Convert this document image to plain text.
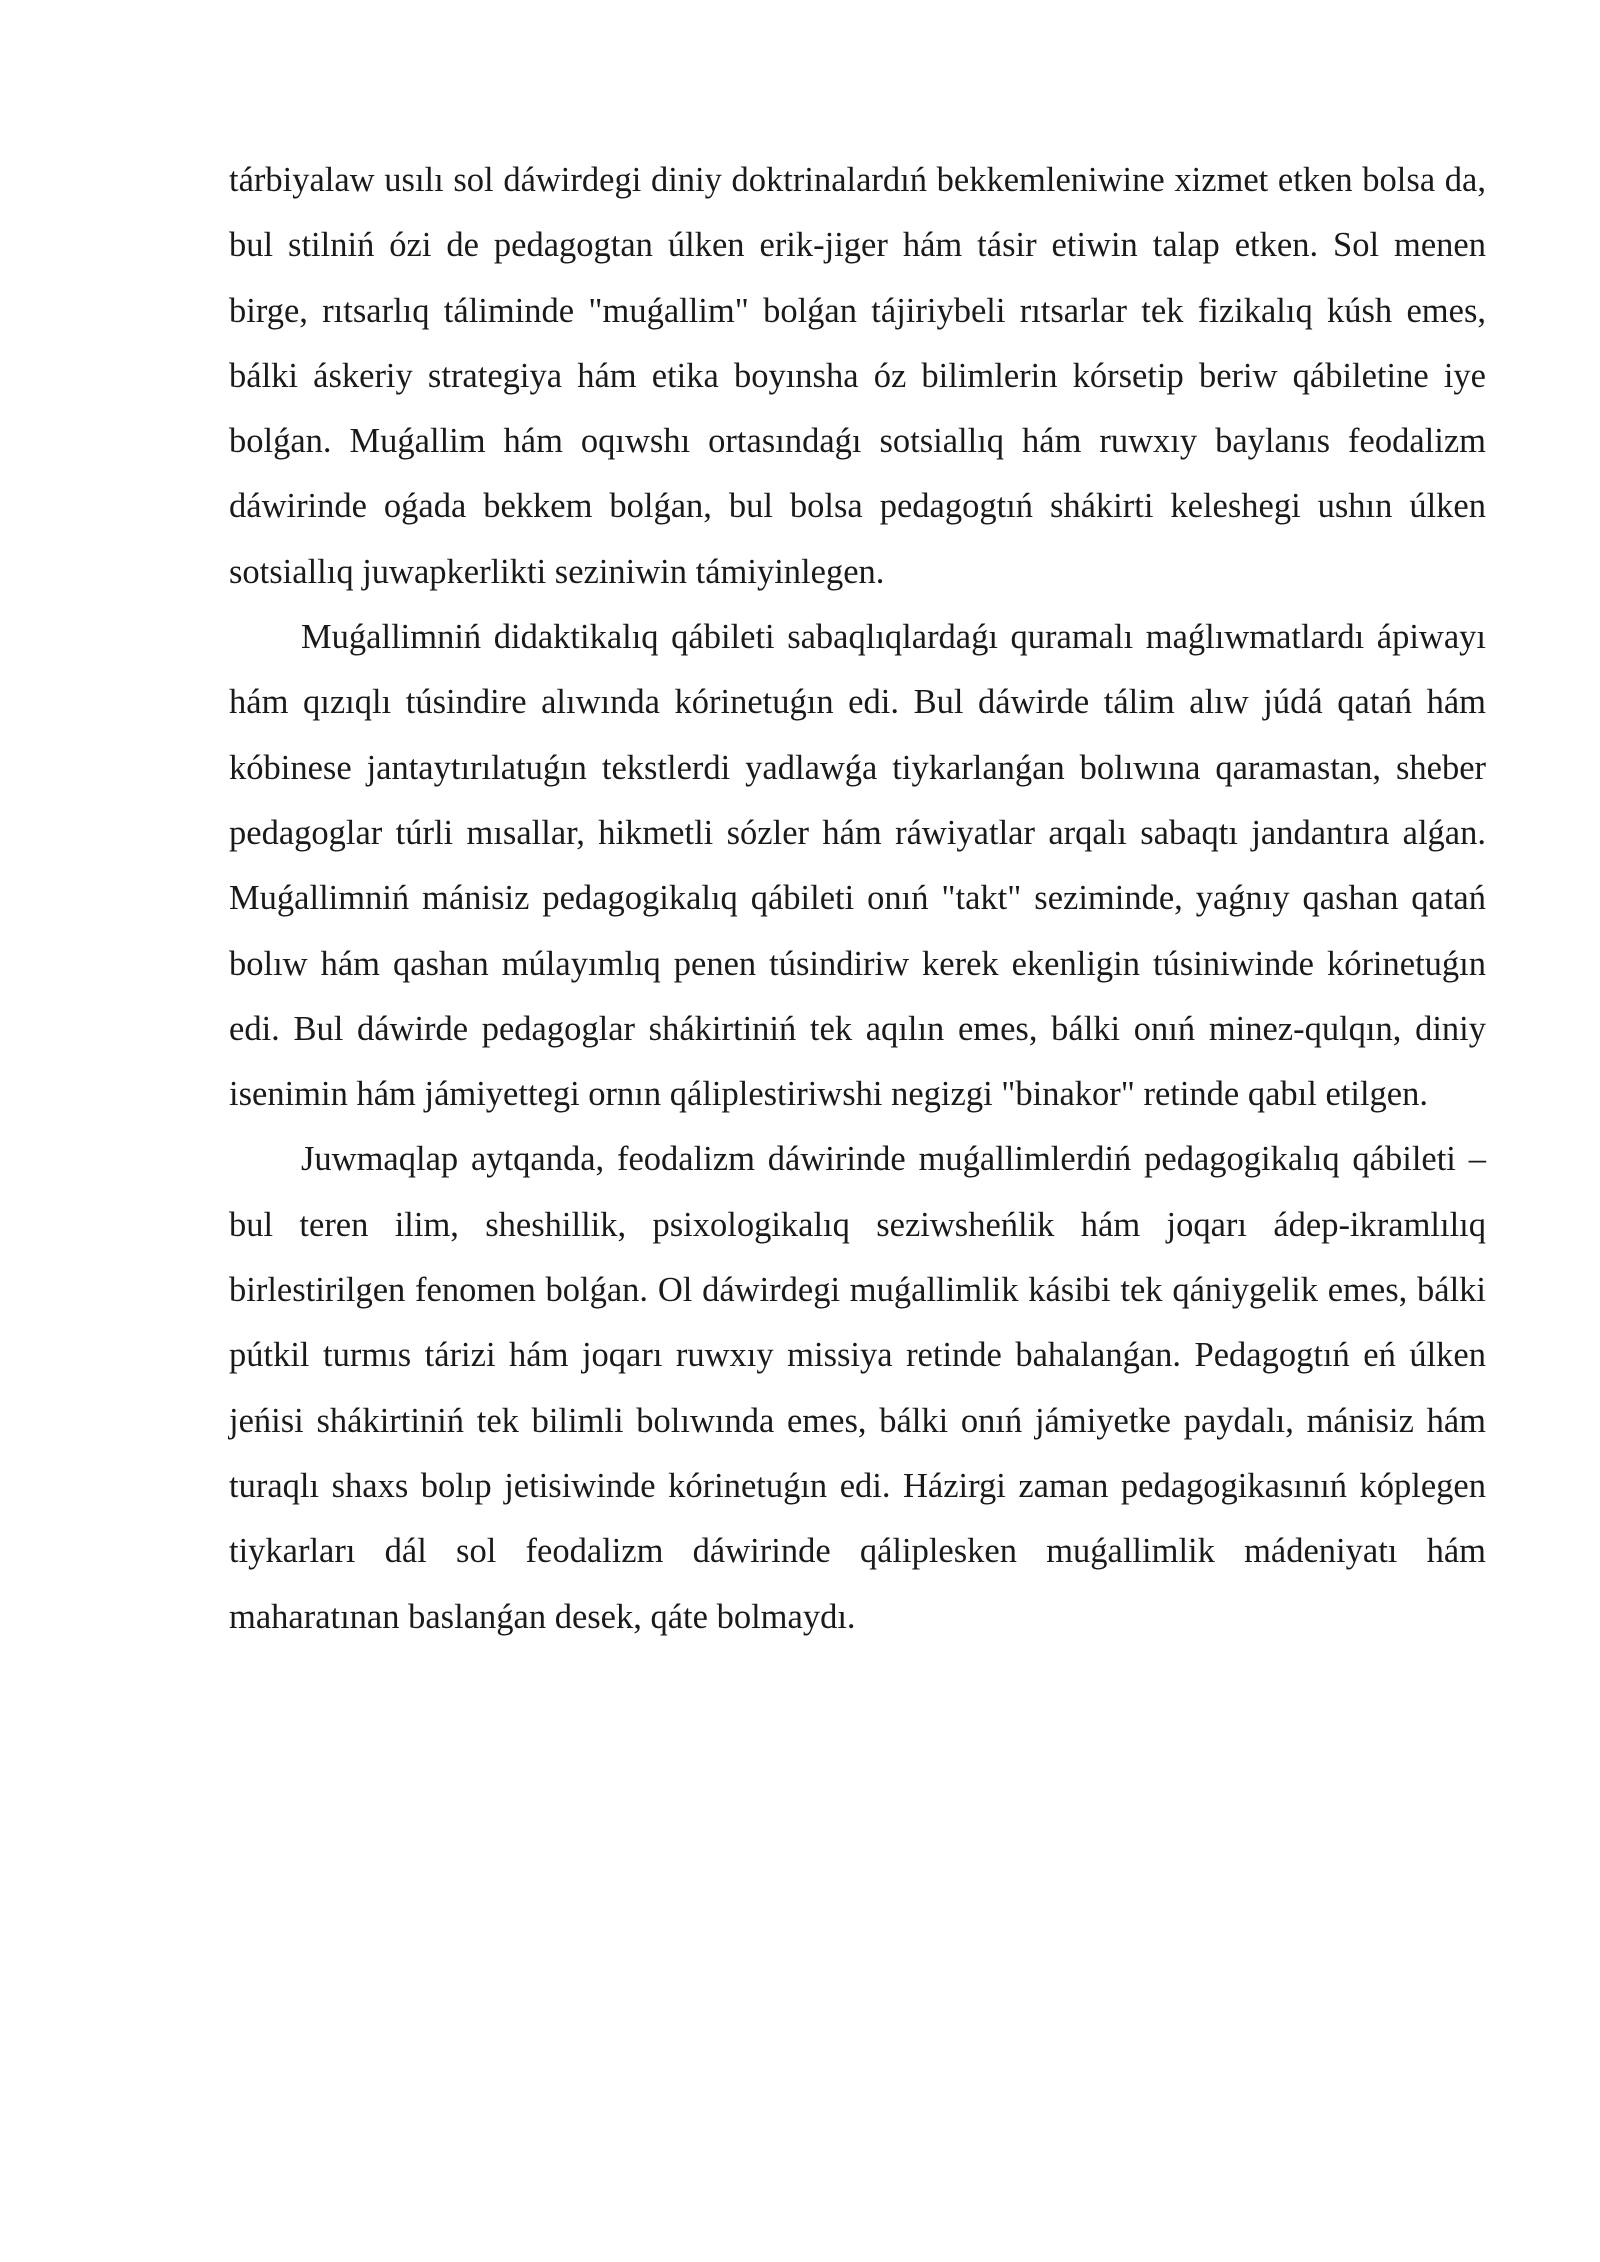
tárbiyalaw usılı sol dáwirdegi diniy doktrinalardıń bekkemleniwine xizmet etken bolsa da, bul stilniń ózi de pedagogtan úlken erik-jiger hám tásir etiwin talap etken. Sol menen birge, rıtsarlıq táliminde "muǵallim" bolǵan tájiriybeli rıtsarlar tek fizikalıq kúsh emes, bálki áskeriy strategiya hám etika boyınsha óz bilimlerin kórsetip beriw qábiletine iye bolǵan. Muǵallim hám oqıwshı ortasındaǵı sotsiallıq hám ruwxıy baylanıs feodalizm dáwirinde oǵada bekkem bolǵan, bul bolsa pedagogtıń shákirti keleshegi ushın úlken sotsiallıq juwapkerlikti seziniwin támiyinlegen.

Muǵallimniń didaktikalıq qábileti sabaqlıqlardaǵı quramalı maǵlıwmatlardı ápiwayı hám qızıqlı túsindire alıwında kórinetuǵın edi. Bul dáwirde tálim alıw júdá qatań hám kóbinese jantaytırılatuǵın tekstlerdi yadlawǵa tiykarlanǵan bolıwına qaramastan, sheber pedagoglar túrli mısallar, hikmetli sózler hám ráwiyatlar arqalı sabaqtı jandantıra alǵan. Muǵallimniń mánisiz pedagogikalıq qábileti onıń "takt" seziminde, yaǵnıy qashan qatań bolıw hám qashan múlayımlıq penen túsindiriw kerek ekenligin túsiniwinde kórinetuǵın edi. Bul dáwirde pedagoglar shákirtiniń tek aqılın emes, bálki onıń minez-qulqın, diniy isenimin hám jámiyettegi ornın qáliplestiriwshi negizgi "binakor" retinde qabıl etilgen.

Juwmaqlap aytqanda, feodalizm dáwirinde muǵallimlerdiń pedagogikalıq qábileti – bul teren ilim, sheshillik, psixologikalıq seziwsheńlik hám joqarı ádep-ikramlılıq birlestirilgen fenomen bolǵan. Ol dáwirdegi muǵallimlik kásibi tek qániygelik emes, bálki pútkil turmıs tárizi hám joqarı ruwxıy missiya retinde bahalanǵan. Pedagogtıń eń úlken jeńisi shákirtiniń tek bilimli bolıwında emes, bálki onıń jámiyetke paydalı, mánisiz hám turaqlı shaxs bolıp jetisiwinde kórinetuǵın edi. Házirgi zaman pedagogikasınıń kóplegen tiykarları dál sol feodalizm dáwirinde qáliplesken muǵallimlik mádeniyatı hám maharatınan baslanǵan desek, qáte bolmaydı.
